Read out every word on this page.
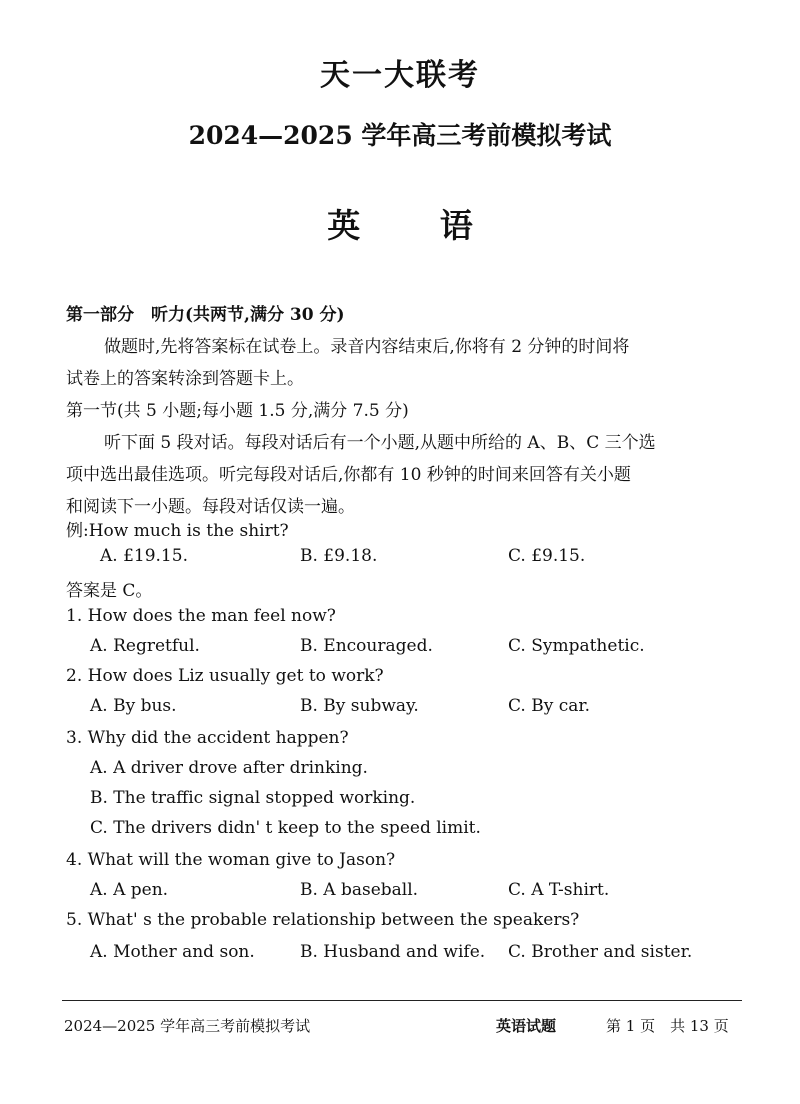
天一大联考
2024—2025 学年高三考前模拟考试
英 语
第一部分　听力(共两节,满分 30 分)
做题时,先将答案标在试卷上。录音内容结束后,你将有 2 分钟的时间将
试卷上的答案转涂到答题卡上。
第一节(共 5 小题;每小题 1.5 分,满分 7.5 分)
听下面 5 段对话。每段对话后有一个小题,从题中所给的 A、B、C 三个选
项中选出最佳选项。听完每段对话后,你都有 10 秒钟的时间来回答有关小题
和阅读下一小题。每段对话仅读一遍。
例:How much is the shirt?
A. £19.15.	B. £9.18.	C. £9.15.
答案是 C。
1. How does the man feel now?
A. Regretful.	B. Encouraged.	C. Sympathetic.
2. How does Liz usually get to work?
A. By bus.	B. By subway.	C. By car.
3. Why did the accident happen?
A. A driver drove after drinking.
B. The traffic signal stopped working.
C. The drivers didn' t keep to the speed limit.
4. What will the woman give to Jason?
A. A pen.	B. A baseball.	C. A T-shirt.
5. What' s the probable relationship between the speakers?
A. Mother and son.	B. Husband and wife. C. Brother and sister.
2024—2025 学年高三考前模拟考试	英语试题	第 1 页　共 13 页
